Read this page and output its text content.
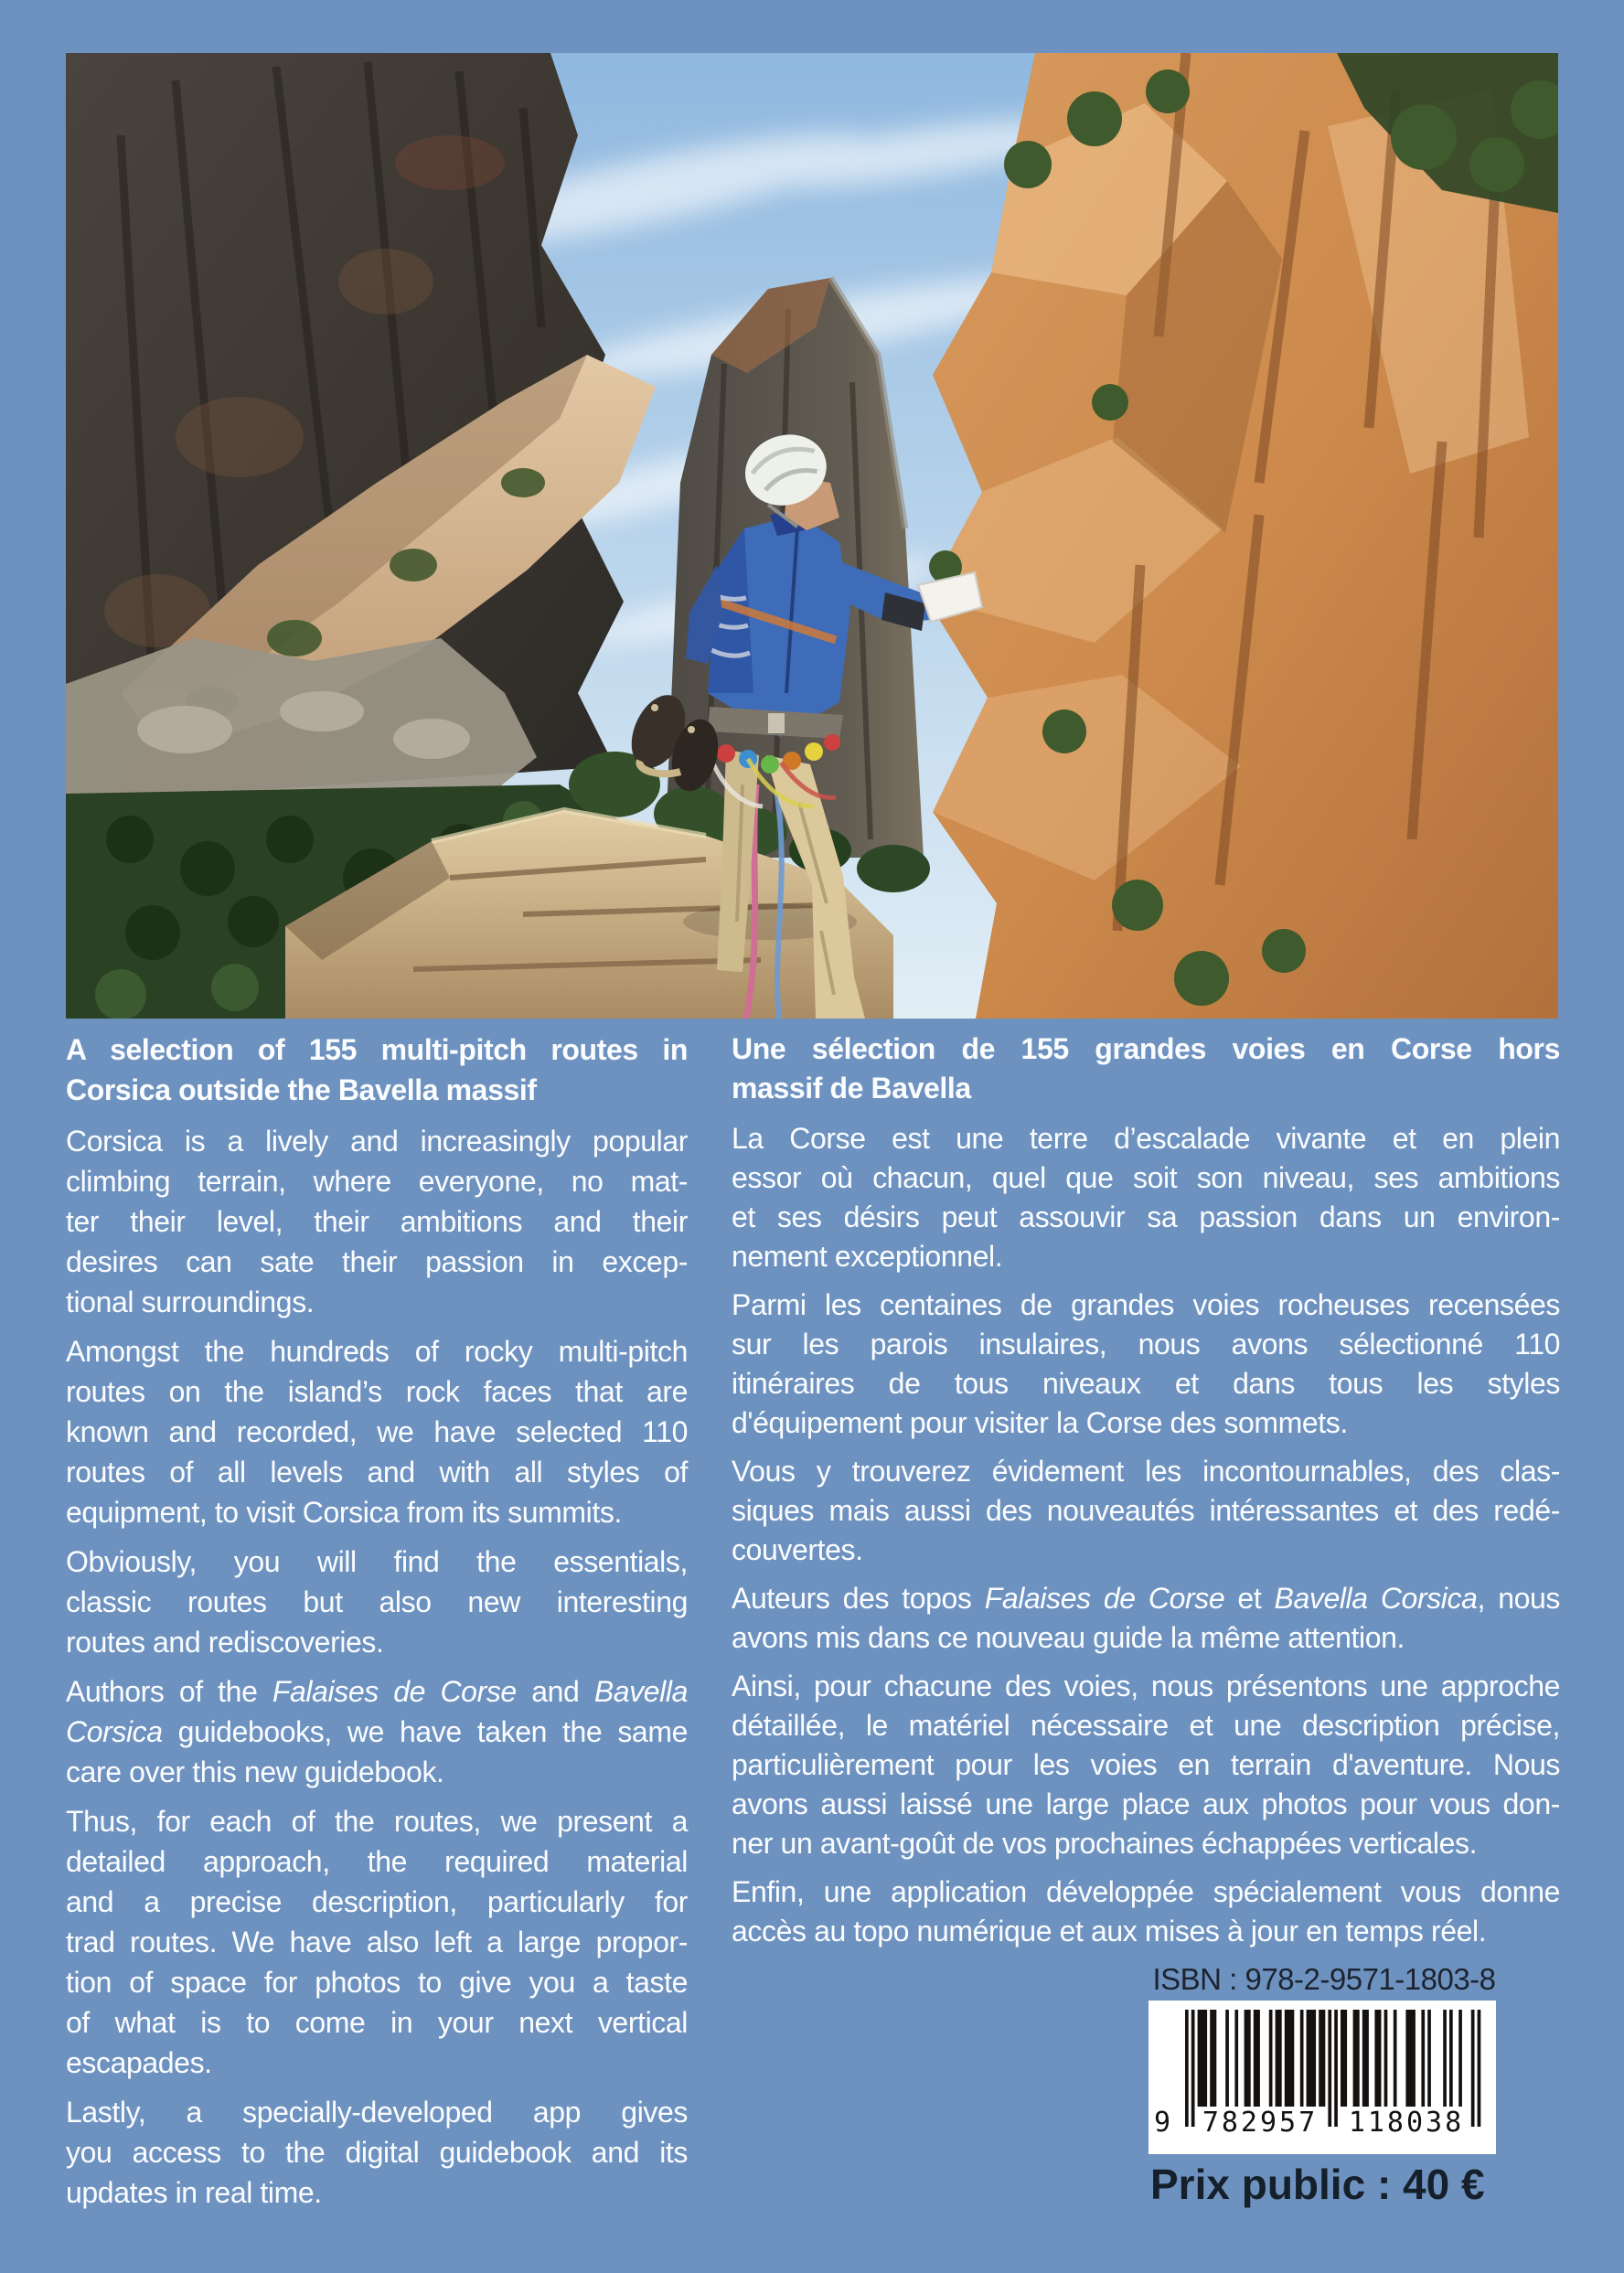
A selection of 155 multi-pitch routes in
Corsica outside the Bavella massif
Corsica is a lively and increasingly popular
climbing terrain, where everyone, no mat-
ter their level, their ambitions and their
desires can sate their passion in excep-
tional surroundings.
Amongst the hundreds of rocky multi-pitch
routes on the island’s rock faces that are
known and recorded, we have selected 110
routes of all levels and with all styles of
equipment, to visit Corsica from its summits.
Obviously, you will find the essentials,
classic routes but also new interesting
routes and rediscoveries.
Authors of the Falaises de Corse and Bavella
Corsica guidebooks, we have taken the same
care over this new guidebook.
Thus, for each of the routes, we present a
detailed approach, the required material
and a precise description, particularly for
trad routes. We have also left a large propor-
tion of space for photos to give you a taste
of what is to come in your next vertical
escapades.
Lastly, a specially-developed app gives
you access to the digital guidebook and its
updates in real time.
Une sélection de 155 grandes voies en Corse hors
massif de Bavella
La Corse est une terre d’escalade vivante et en plein
essor où chacun, quel que soit son niveau, ses ambitions
et ses désirs peut assouvir sa passion dans un environ-
nement exceptionnel.
Parmi les centaines de grandes voies rocheuses recensées
sur les parois insulaires, nous avons sélectionné 110
itinéraires de tous niveaux et dans tous les styles
d'équipement pour visiter la Corse des sommets.
Vous y trouverez évidement les incontournables, des clas-
siques mais aussi des nouveautés intéressantes et des redé-
couvertes.
Auteurs des topos Falaises de Corse et Bavella Corsica, nous
avons mis dans ce nouveau guide la même attention.
Ainsi, pour chacune des voies, nous présentons une approche
détaillée, le matériel nécessaire et une description précise,
particulièrement pour les voies en terrain d'aventure. Nous
avons aussi laissé une large place aux photos pour vous don-
ner un avant-goût de vos prochaines échappées verticales.
Enfin, une application développée spécialement vous donne
accès au topo numérique et aux mises à jour en temps réel.
ISBN : 978-2-9571-1803-8
9 782957 118038
Prix public : 40 €
